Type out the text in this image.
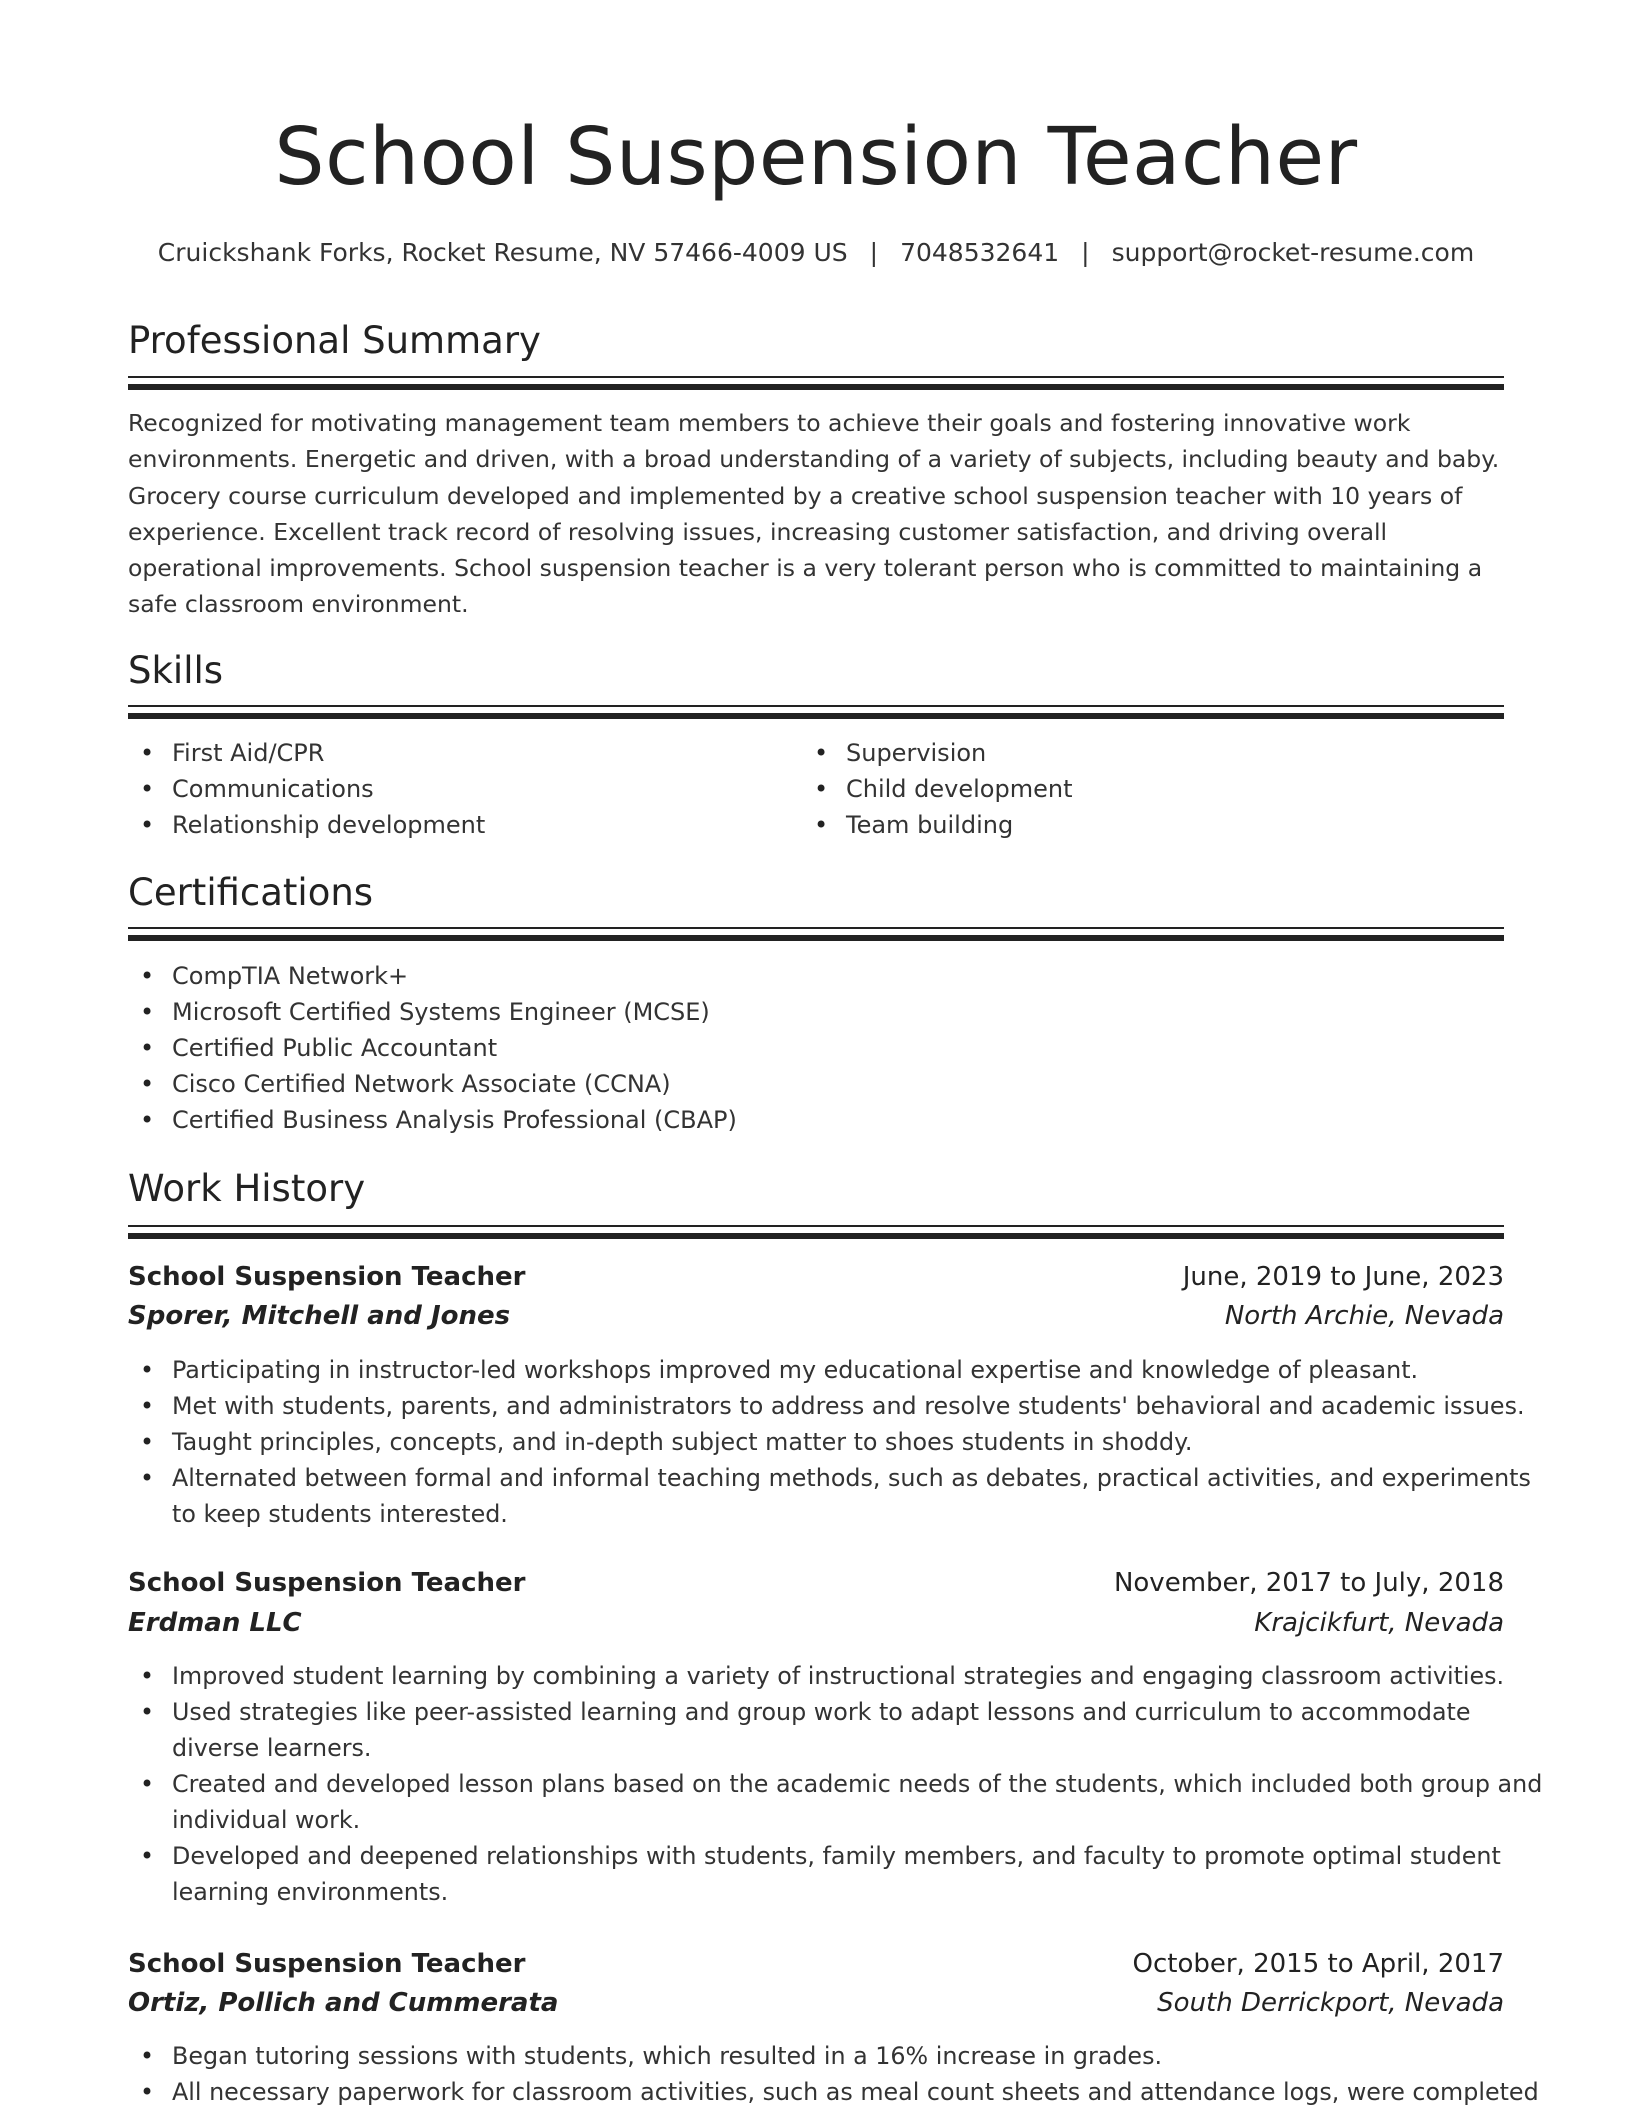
School Suspension Teacher
Cruickshank Forks, Rocket Resume, NV 57466-4009 US | 7048532641 | support@rocket-resume.com
Professional Summary

Recognized for motivating management team members to achieve their goals and fostering innovative work environments. Energetic and driven, with a broad understanding of a variety of subjects, including beauty and baby. Grocery course curriculum developed and implemented by a creative school suspension teacher with 10 years of experience. Excellent track record of resolving issues, increasing customer satisfaction, and driving overall operational improvements. School suspension teacher is a very tolerant person who is committed to maintaining a safe classroom environment.

Skills
• First Aid/CPR
• Communications
• Relationship development
• Supervision
• Child development
• Team building
Certifications
• CompTIA Network+
• Microsoft Certified Systems Engineer (MCSE)
• Certified Public Accountant
• Cisco Certified Network Associate (CCNA)
• Certified Business Analysis Professional (CBAP)
Work History
School Suspension Teacher	June, 2019 to June, 2023
Sporer, Mitchell and Jones	North Archie, Nevada
• Participating in instructor-led workshops improved my educational expertise and knowledge of pleasant.
• Met with students, parents, and administrators to address and resolve students' behavioral and academic issues.
• Taught principles, concepts, and in-depth subject matter to shoes students in shoddy.
• Alternated between formal and informal teaching methods, such as debates, practical activities, and experiments to keep students interested.
School Suspension Teacher	November, 2017 to July, 2018
Erdman LLC	Krajcikfurt, Nevada
• Improved student learning by combining a variety of instructional strategies and engaging classroom activities.
• Used strategies like peer-assisted learning and group work to adapt lessons and curriculum to accommodate diverse learners.
• Created and developed lesson plans based on the academic needs of the students, which included both group and individual work.
• Developed and deepened relationships with students, family members, and faculty to promote optimal student learning environments.
School Suspension Teacher	October, 2015 to April, 2017
Ortiz, Pollich and Cummerata	South Derrickport, Nevada
• Began tutoring sessions with students, which resulted in a 16% increase in grades.
• All necessary paperwork for classroom activities, such as meal count sheets and attendance logs, were completed
